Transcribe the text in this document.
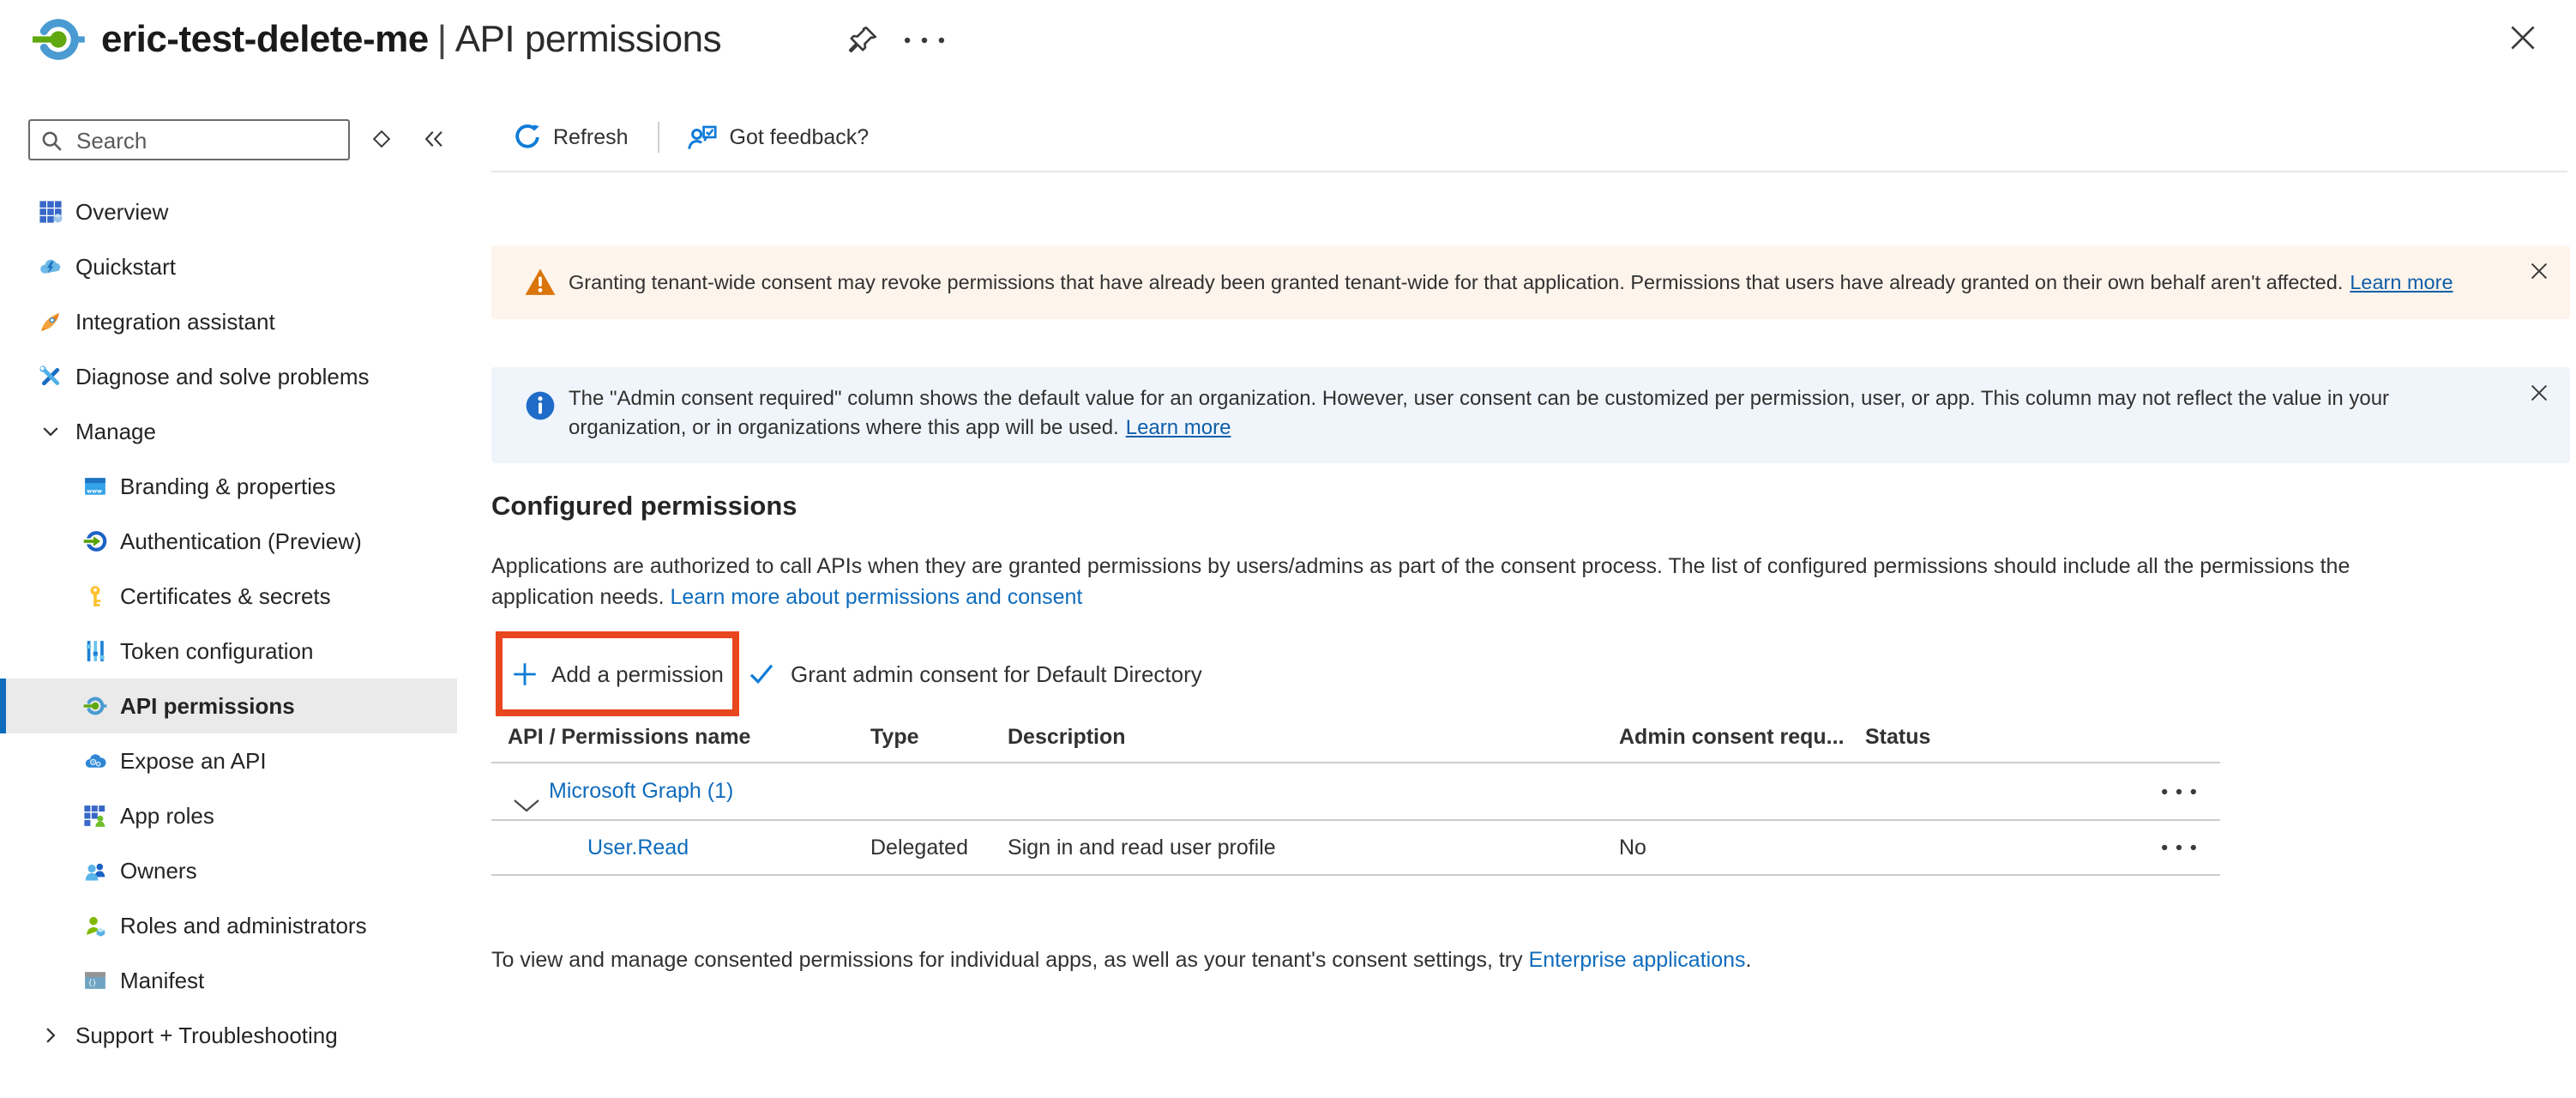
eric-test-delete-me | API permissions
Search
Overview
Quickstart
Integration assistant
Diagnose and solve problems
Manage
www Branding & properties
Authentication (Preview)
Certificates & secrets
Token configuration
API permissions
Expose an API
App roles
Owners
Roles and administrators
{} Manifest
Support + Troubleshooting
Refresh	Got feedback?
Granting tenant-wide consent may revoke permissions that have already been granted tenant-wide for that application. Permissions that users have already granted on their own behalf aren't affected. Learn more
The "Admin consent required" column shows the default value for an organization. However, user consent can be customized per permission, user, or app. This column may not reflect the value in your organization, or in organizations where this app will be used. Learn more
Configured permissions
Applications are authorized to call APIs when they are granted permissions by users/admins as part of the consent process. The list of configured permissions should include all the permissions the application needs. Learn more about permissions and consent
Add a permission	Grant admin consent for Default Directory
API / Permissions name	Type	Description	Admin consent requ... Status
Microsoft Graph (1)
User.Read	Delegated Sign in and read user profile	No
To view and manage consented permissions for individual apps, as well as your tenant's consent settings, try Enterprise applications.
